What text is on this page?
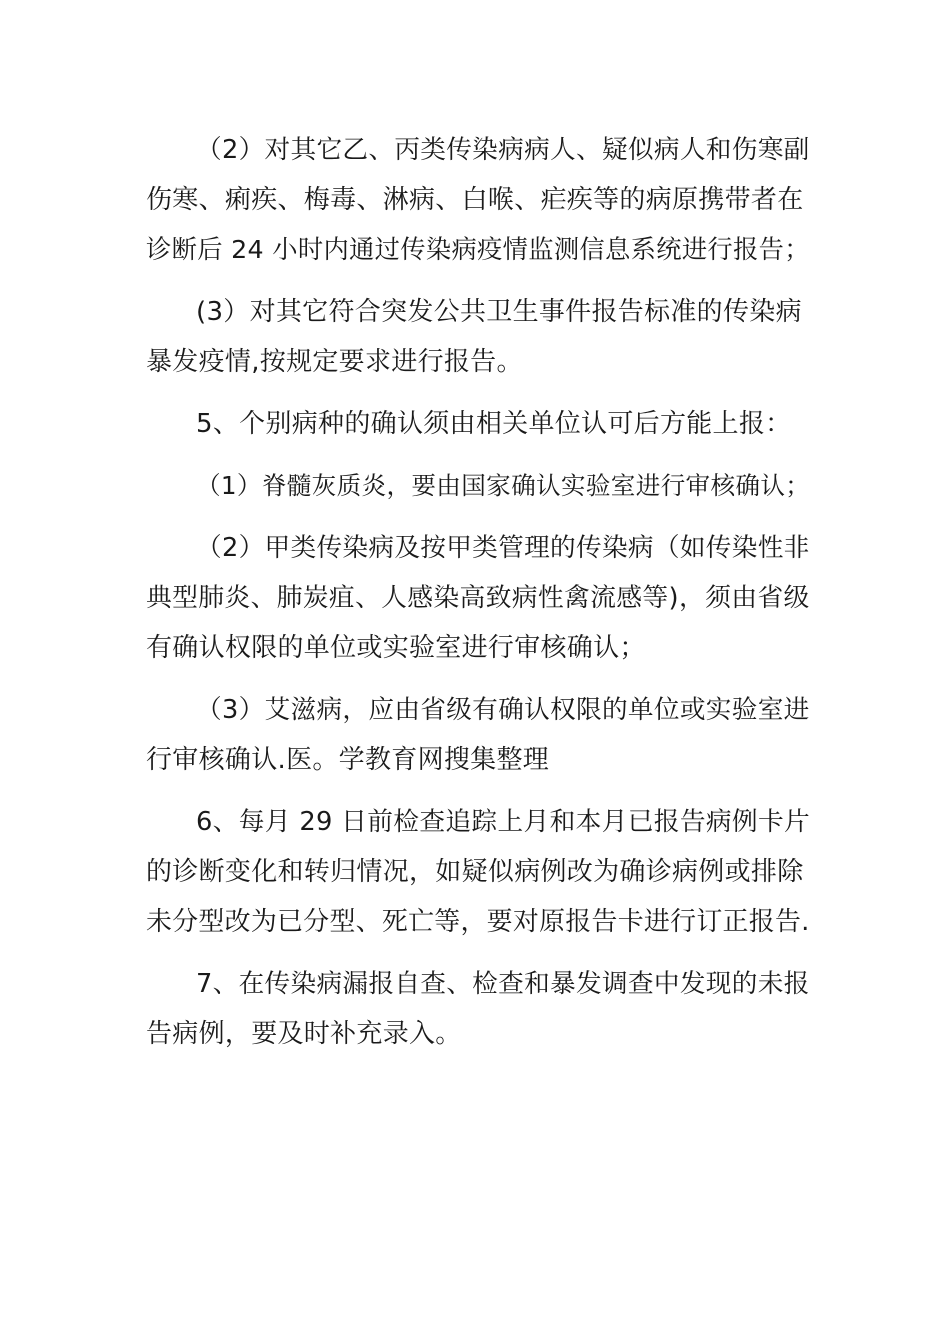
（2）对其它乙、丙类传染病病人、疑似病人和伤寒副
伤寒、痢疾、梅毒、淋病、白喉、疟疾等的病原携带者在
诊断后 24 小时内通过传染病疫情监测信息系统进行报告；
(3）对其它符合突发公共卫生事件报告标准的传染病
暴发疫情,按规定要求进行报告。
5、个别病种的确认须由相关单位认可后方能上报：
（1）脊髓灰质炎，要由国家确认实验室进行审核确认；
（2）甲类传染病及按甲类管理的传染病（如传染性非
典型肺炎、肺炭疽、人感染高致病性禽流感等)，须由省级
有确认权限的单位或实验室进行审核确认；
（3）艾滋病，应由省级有确认权限的单位或实验室进
行审核确认.医。学教育网搜集整理
6、每月 29 日前检查追踪上月和本月已报告病例卡片
的诊断变化和转归情况，如疑似病例改为确诊病例或排除
未分型改为已分型、死亡等，要对原报告卡进行订正报告.
7、在传染病漏报自查、检查和暴发调查中发现的未报
告病例，要及时补充录入。
